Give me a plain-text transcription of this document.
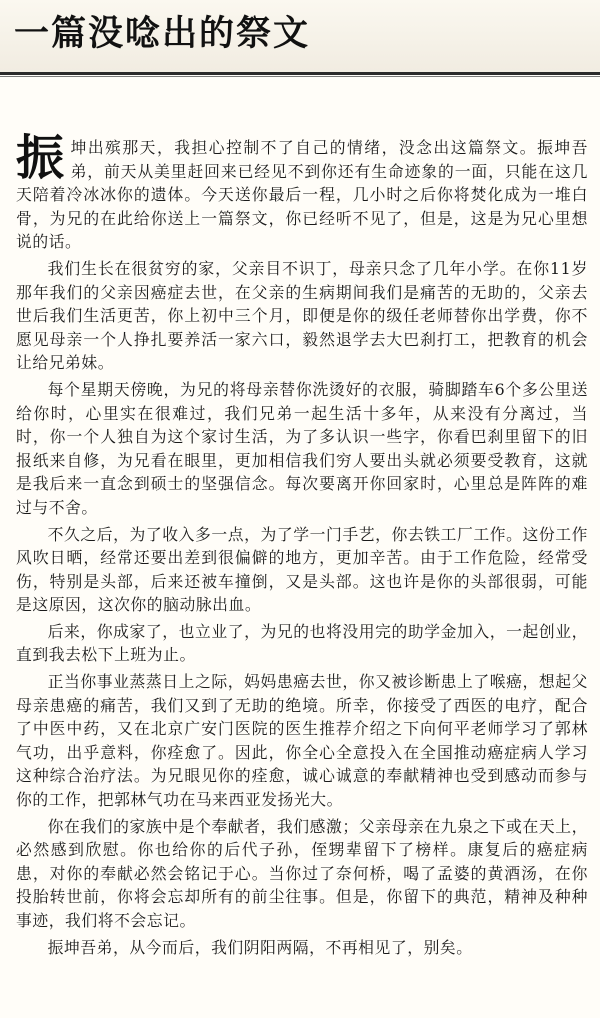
一篇没唸出的祭文

振坤出殡那天，我担心控制不了自己的情绪，没念出这篇祭文。振坤吾弟，前天从美里赶回来已经见不到你还有生命迹象的一面，只能在这几天陪着冷冰冰你的遗体。今天送你最后一程，几小时之后你将焚化成为一堆白骨，为兄的在此给你送上一篇祭文，你已经听不见了，但是，这是为兄心里想说的话。

我们生长在很贫穷的家，父亲目不识丁，母亲只念了几年小学。在你11岁那年我们的父亲因癌症去世，在父亲的生病期间我们是痛苦的无助的，父亲去世后我们生活更苦，你上初中三个月，即便是你的级任老师替你出学费，你不愿见母亲一个人挣扎要养活一家六口，毅然退学去大巴刹打工，把教育的机会让给兄弟妹。

每个星期天傍晚，为兄的将母亲替你洗烫好的衣服，骑脚踏车6个多公里送给你时，心里实在很难过，我们兄弟一起生活十多年，从来没有分离过，当时，你一个人独自为这个家讨生活，为了多认识一些字，你看巴刹里留下的旧报纸来自修，为兄看在眼里，更加相信我们穷人要出头就必须要受教育，这就是我后来一直念到硕士的坚强信念。每次要离开你回家时，心里总是阵阵的难过与不舍。

不久之后，为了收入多一点，为了学一门手艺，你去铁工厂工作。这份工作风吹日晒，经常还要出差到很偏僻的地方，更加辛苦。由于工作危险，经常受伤，特别是头部，后来还被车撞倒，又是头部。这也许是你的头部很弱，可能是这原因，这次你的脑动脉出血。

后来，你成家了，也立业了，为兄的也将没用完的助学金加入，一起创业，直到我去松下上班为止。

正当你事业蒸蒸日上之际，妈妈患癌去世，你又被诊断患上了喉癌，想起父母亲患癌的痛苦，我们又到了无助的绝境。所幸，你接受了西医的电疗，配合了中医中药，又在北京广安门医院的医生推荐介绍之下向何平老师学习了郭林气功，出乎意料，你痊愈了。因此，你全心全意投入在全国推动癌症病人学习这种综合治疗法。为兄眼见你的痊愈，诚心诚意的奉献精神也受到感动而参与你的工作，把郭林气功在马来西亚发扬光大。

你在我们的家族中是个奉献者，我们感激；父亲母亲在九泉之下或在天上，必然感到欣慰。你也给你的后代子孙，侄甥辈留下了榜样。康复后的癌症病患，对你的奉献必然会铭记于心。当你过了奈何桥，喝了孟婆的黄酒汤，在你投胎转世前，你将会忘却所有的前尘往事。但是，你留下的典范，精神及种种事迹，我们将不会忘记。

振坤吾弟，从今而后，我们阴阳两隔，不再相见了，别矣。
